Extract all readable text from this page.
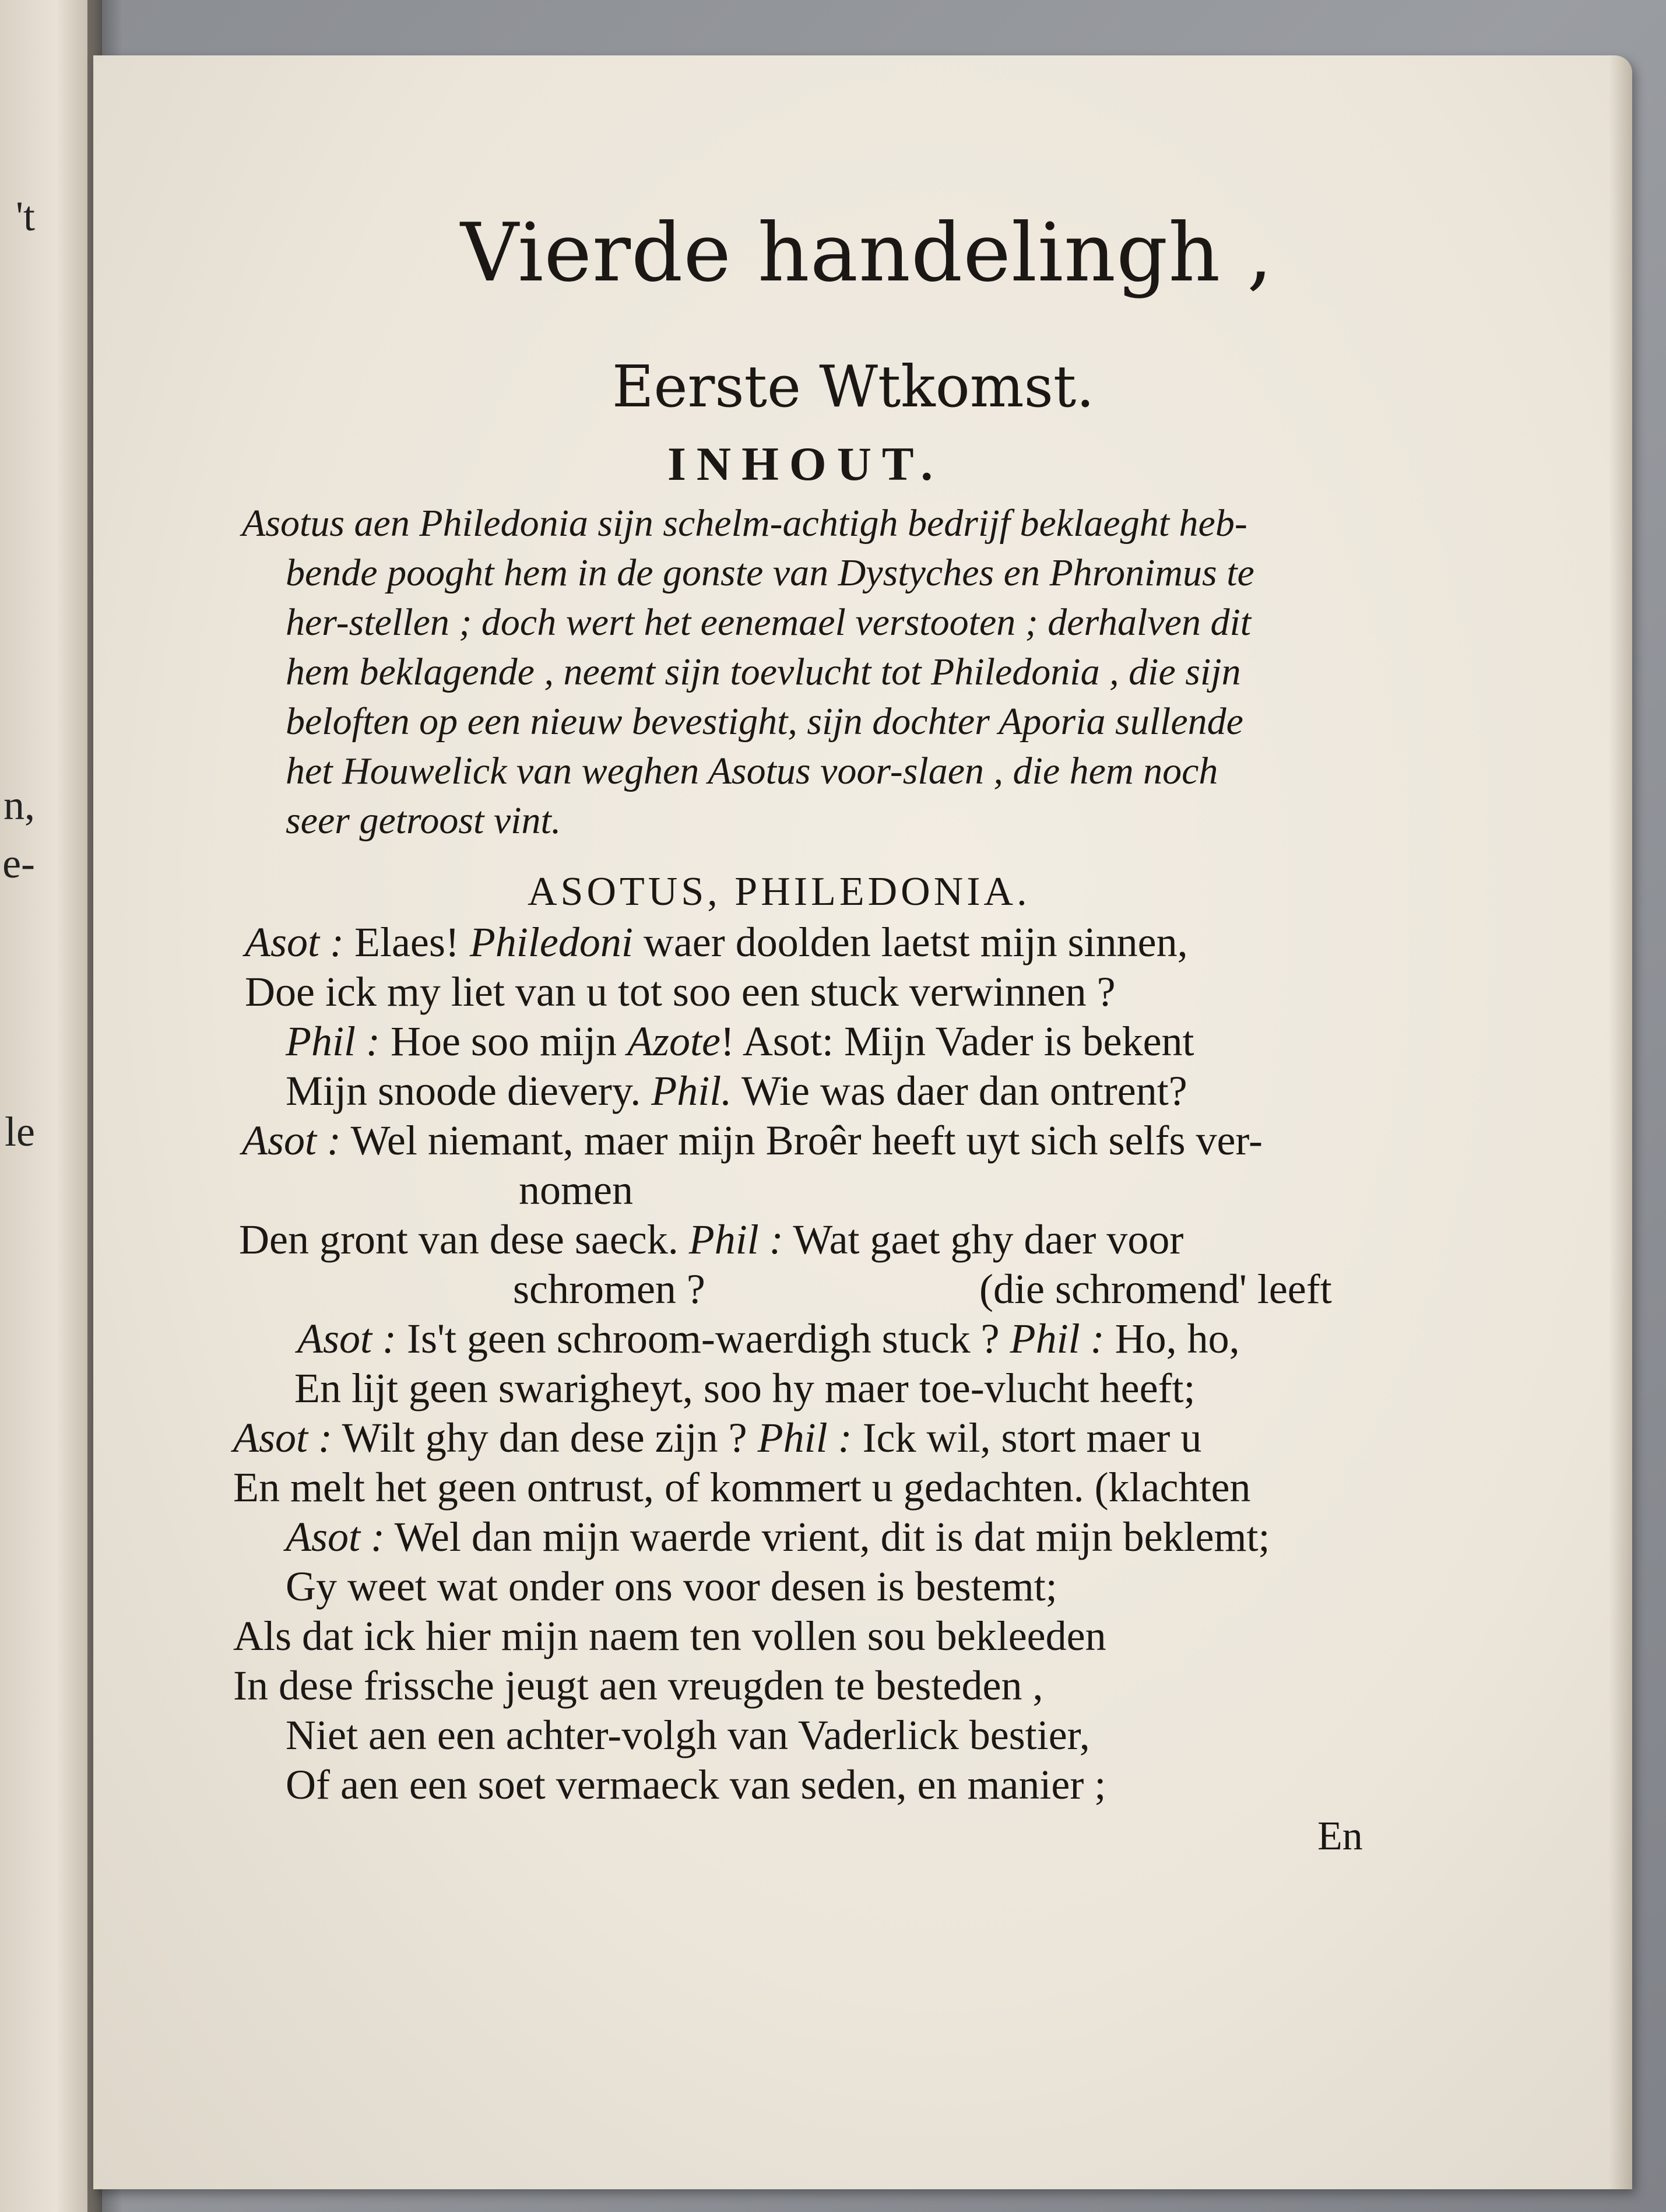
't
n,
e-
le
Vierde handelingh ,
Eerste Wtkomst.
INHOUT.
Asotus aen Philedonia sijn schelm-achtigh bedrijf beklaeght heb-
bende pooght hem in de gonste van Dystyches en Phronimus te
her-stellen ; doch wert het eenemael verstooten ; derhalven dit
hem beklagende , neemt sijn toevlucht tot Philedonia , die sijn
beloften op een nieuw bevestight, sijn dochter Aporia sullende
het Houwelick van weghen Asotus voor-slaen , die hem noch
seer getroost vint.
ASOTUS, PHILEDONIA.
Asot : Elaes! Philedoni waer doolden laetst mijn sinnen,
Doe ick my liet van u tot soo een stuck verwinnen ?
Phil : Hoe soo mijn Azote! Asot: Mijn Vader is bekent
Mijn snoode dievery. Phil. Wie was daer dan ontrent?
Asot : Wel niemant, maer mijn Broêr heeft uyt sich selfs ver-
nomen
Den gront van dese saeck. Phil : Wat gaet ghy daer voor
schromen ?	(die schromend' leeft
Asot : Is't geen schroom-waerdigh stuck ? Phil : Ho, ho,
En lijt geen swarigheyt, soo hy maer toe-vlucht heeft;
Asot : Wilt ghy dan dese zijn ? Phil : Ick wil, stort maer u
En melt het geen ontrust, of kommert u gedachten. (klachten
Asot : Wel dan mijn waerde vrient, dit is dat mijn beklemt;
Gy weet wat onder ons voor desen is bestemt;
Als dat ick hier mijn naem ten vollen sou bekleeden
In dese frissche jeugt aen vreugden te besteden ,
Niet aen een achter-volgh van Vaderlick bestier,
Of aen een soet vermaeck van seden, en manier ;
En
